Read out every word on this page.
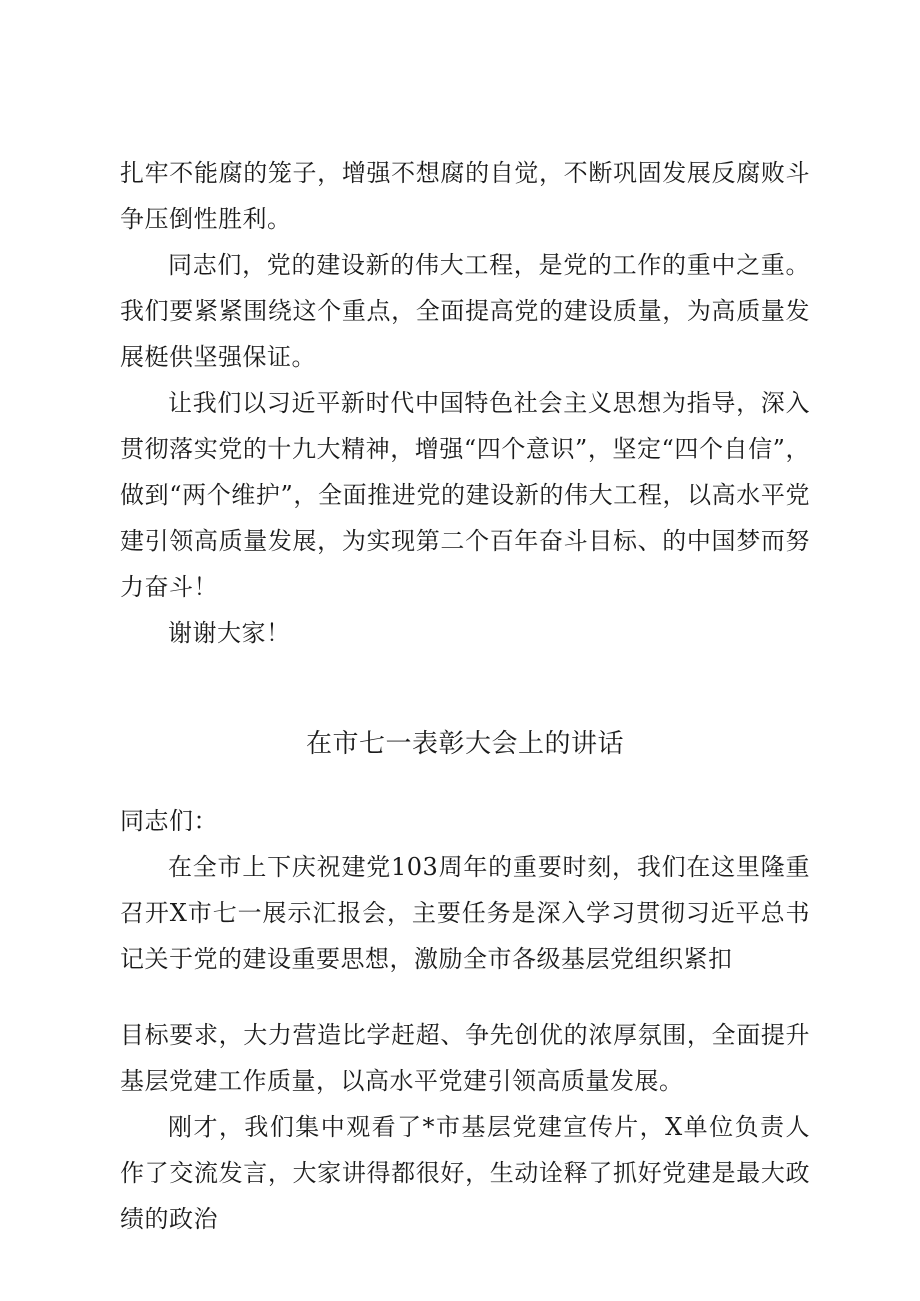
扎牢不能腐的笼子，增强不想腐的自觉，不断巩固发展反腐败斗争压倒性胜利。

同志们，党的建设新的伟大工程，是党的工作的重中之重。我们要紧紧围绕这个重点，全面提高党的建设质量，为高质量发展梃供坚强保证。

让我们以习近平新时代中国特色社会主义思想为指导，深入贯彻落实党的十九大精神，增强“四个意识”，坚定“四个自信”，做到“两个维护”，全面推进党的建设新的伟大工程，以高水平党建引领高质量发展，为实现第二个百年奋斗目标、的中国梦而努力奋斗！

谢谢大家！

在市七一表彰大会上的讲话

同志们：

在全市上下庆祝建党103周年的重要时刻，我们在这里隆重召开X市七一展示汇报会，主要任务是深入学习贯彻习近平总书记关于党的建设重要思想，激励全市各级基层党组织紧扣

目标要求，大力营造比学赶超、争先创优的浓厚氛围，全面提升基层党建工作质量，以高水平党建引领高质量发展。

刚才，我们集中观看了*市基层党建宣传片，X单位负责人作了交流发言，大家讲得都很好，生动诠释了抓好党建是最大政绩的政治
